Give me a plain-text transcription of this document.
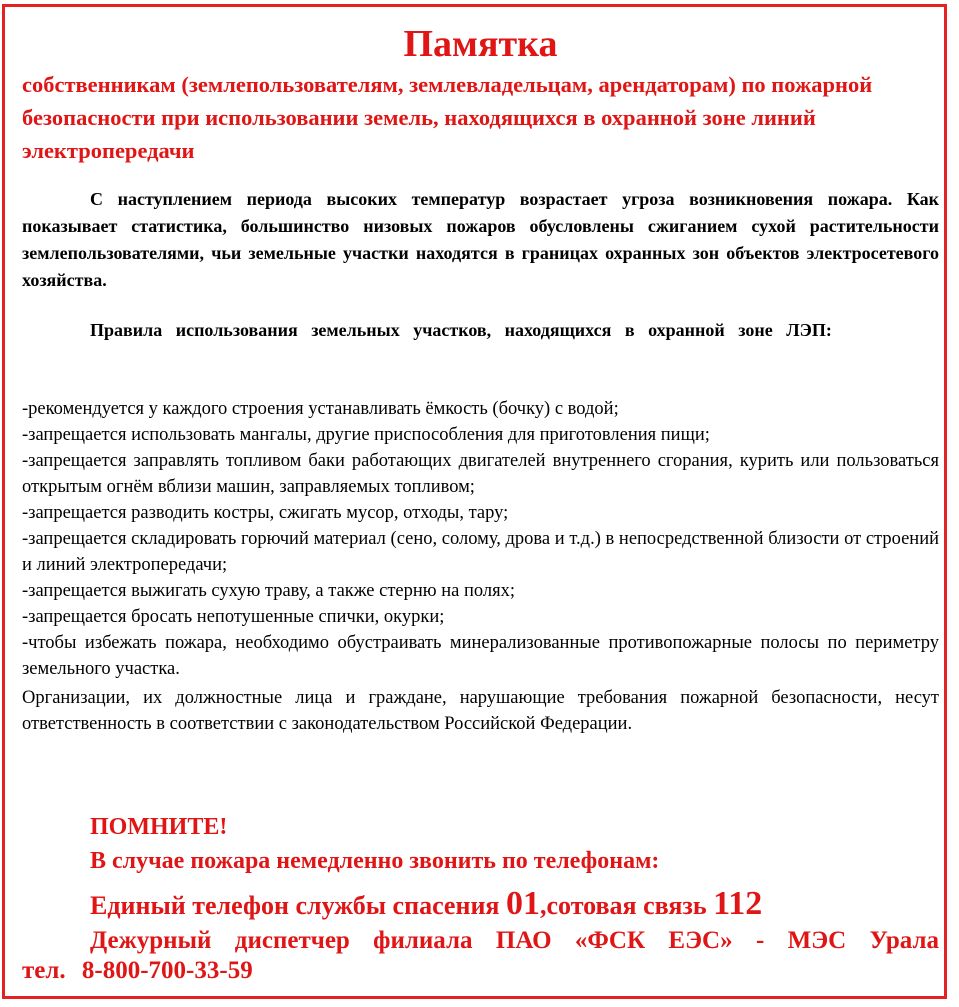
Памятка

собственникам (землепользователям, землевладельцам, арендаторам) по пожарной безопасности при использовании земель, находящихся в охранной зоне линий электропередачи

С наступлением периода высоких температур возрастает угроза возникновения пожара. Как показывает статистика, большинство низовых пожаров обусловлены сжиганием сухой растительности землепользователями, чьи земельные участки находятся в границах охранных зон объектов электросетевого хозяйства.

Правила использования земельных участков, находящихся в охранной зоне ЛЭП:

-рекомендуется у каждого строения устанавливать ёмкость (бочку) с водой;
-запрещается использовать мангалы, другие приспособления для приготовления пищи;
-запрещается заправлять топливом баки работающих двигателей внутреннего сгорания, курить или пользоваться открытым огнём вблизи машин, заправляемых топливом;
-запрещается разводить костры, сжигать мусор, отходы, тару;
-запрещается складировать горючий материал (сено, солому, дрова и т.д.) в непосредственной близости от строений и линий электропередачи;
-запрещается выжигать сухую траву, а также стерню на полях;
-запрещается бросать непотушенные спички, окурки;
-чтобы избежать пожара, необходимо обустраивать минерализованные противопожарные полосы по периметру земельного участка.

Организации, их должностные лица и граждане, нарушающие требования пожарной безопасности, несут ответственность в соответствии с законодательством Российской Федерации.

ПОМНИТЕ!

В случае пожара немедленно звонить по телефонам:

Единый телефон службы спасения 01,сотовая связь 112

Дежурный диспетчер филиала ПАО «ФСК ЕЭС» - МЭС Урала тел. 8-800-700-33-59
